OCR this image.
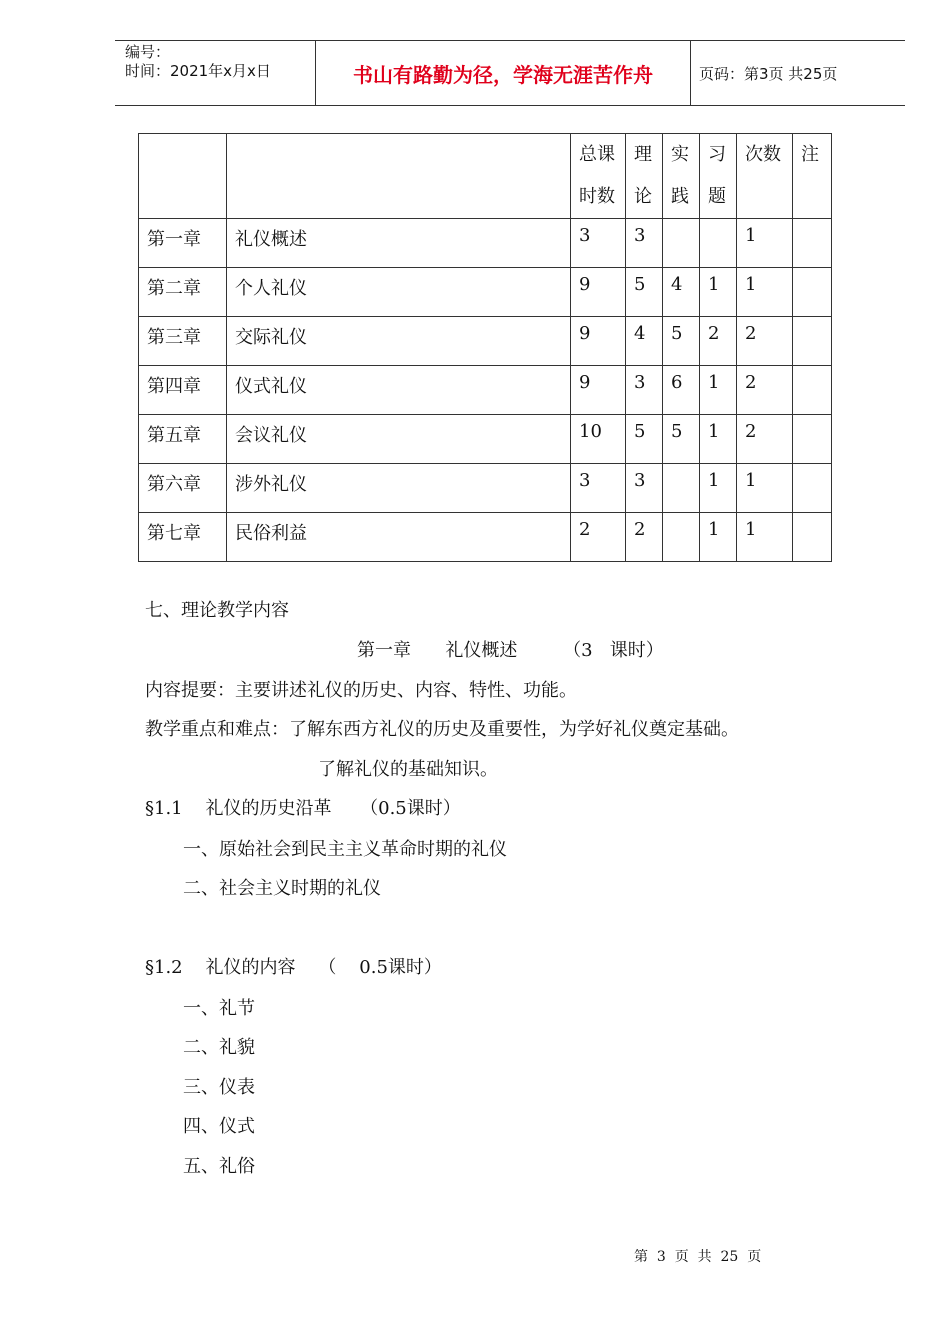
编号：
时间：2021年x月x日	书山有路勤为径，学海无涯苦作舟	页码：第3页 共25页
		总课时数	理论	实践	习题	次数	注
第一章	礼仪概述	3	3			1	
第二章	个人礼仪	9	5	4	1	1	
第三章	交际礼仪	9	4	5	2	2	
第四章	仪式礼仪	9	3	6	1	2	
第五章	会议礼仪	10	5	5	1	2	
第六章	涉外礼仪	3	3		1	1	
第七章	民俗利益	2	2		1	1	
七、理论教学内容
第一章      礼仪概述        （3   课时）
内容提要：主要讲述礼仪的历史、内容、特性、功能。
教学重点和难点：了解东西方礼仪的历史及重要性，为学好礼仪奠定基础。
了解礼仪的基础知识。
§1.1    礼仪的历史沿革     （0.5课时）
一、原始社会到民主主义革命时期的礼仪
二、社会主义时期的礼仪
§1.2    礼仪的内容    （    0.5课时）
一、礼节
二、礼貌
三、仪表
四、仪式
五、礼俗
第  3  页  共  25  页
